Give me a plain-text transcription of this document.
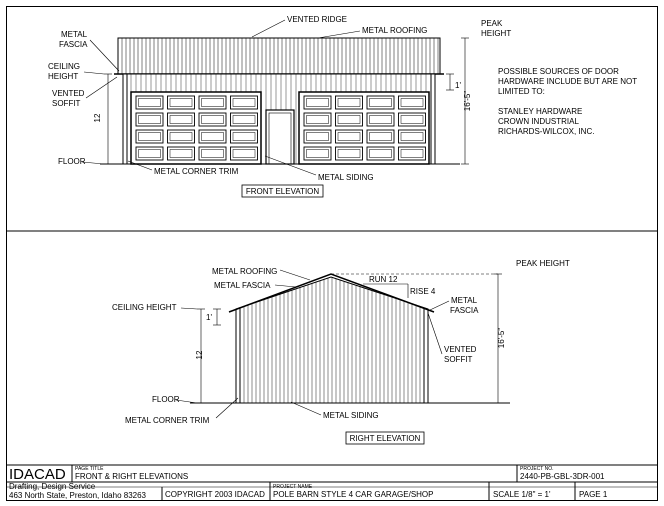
12
16'-5"
1'
VENTED RIDGE
METAL ROOFING
PEAK
HEIGHT
METAL
FASCIA
CEILING
HEIGHT
VENTED
SOFFIT
FLOOR
METAL CORNER TRIM
METAL SIDING
POSSIBLE SOURCES OF DOOR
HARDWARE INCLUDE BUT ARE NOT
LIMITED TO:
STANLEY HARDWARE
CROWN INDUSTRIAL
RICHARDS-WILCOX, INC.
FRONT ELEVATION
12
1'
16'-5"
RUN 12
RISE 4
METAL ROOFING
METAL FASCIA
PEAK HEIGHT
CEILING HEIGHT
METAL
FASCIA
VENTED
SOFFIT
FLOOR
METAL CORNER TRIM
METAL SIDING
RIGHT ELEVATION
IDACAD PAGE TITLE
FRONT & RIGHT ELEVATIONS
PROJECT NO.
2440-PB-GBL-3DR-001
Drafting, Design Service
463 North State, Preston, Idaho 83263 COPYRIGHT 2003 IDACAD
PROJECT NAME
POLE BARN STYLE 4 CAR GARAGE/SHOP	SCALE 1/8" = 1'	PAGE 1
